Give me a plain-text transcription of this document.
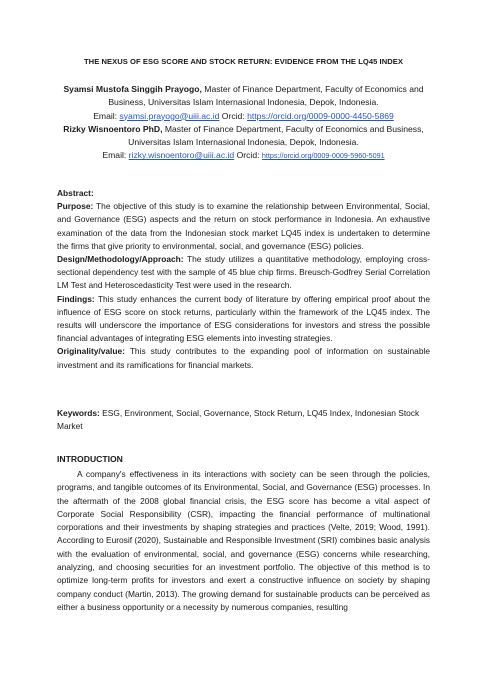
THE NEXUS OF ESG SCORE AND STOCK RETURN: EVIDENCE FROM THE LQ45 INDEX

Syamsi Mustofa Singgih Prayogo, Master of Finance Department, Faculty of Economics and Business, Universitas Islam Internasional Indonesia, Depok, Indonesia.

Email: syamsi.prayogo@uiii.ac.id Orcid: https://orcid.org/0009-0000-4450-5869

Rizky Wisnoentoro PhD, Master of Finance Department, Faculty of Economics and Business, Universitas Islam Internasional Indonesia, Depok, Indonesia.

Email: rizky.wisnoentoro@uiii.ac.id Orcid: https://orcid.org/0009-0009-5960-5091

Abstract:

Purpose: The objective of this study is to examine the relationship between Environmental, Social, and Governance (ESG) aspects and the return on stock performance in Indonesia. An exhaustive examination of the data from the Indonesian stock market LQ45 index is undertaken to determine the firms that give priority to environmental, social, and governance (ESG) policies.

Design/Methodology/Approach: The study utilizes a quantitative methodology, employing cross-sectional dependency test with the sample of 45 blue chip firms. Breusch-Godfrey Serial Correlation LM Test and Heteroscedasticity Test were used in the research.

Findings: This study enhances the current body of literature by offering empirical proof about the influence of ESG score on stock returns, particularly within the framework of the LQ45 index. The results will underscore the importance of ESG considerations for investors and stress the possible financial advantages of integrating ESG elements into investing strategies.

Originality/value: This study contributes to the expanding pool of information on sustainable investment and its ramifications for financial markets.

Keywords: ESG, Environment, Social, Governance, Stock Return, LQ45 Index, Indonesian Stock Market
INTRODUCTION

A company's effectiveness in its interactions with society can be seen through the policies, programs, and tangible outcomes of its Environmental, Social, and Governance (ESG) processes. In the aftermath of the 2008 global financial crisis, the ESG score has become a vital aspect of Corporate Social Responsibility (CSR), impacting the financial performance of multinational corporations and their investments by shaping strategies and practices (Velte, 2019; Wood, 1991). According to Eurosif (2020), Sustainable and Responsible Investment (SRI) combines basic analysis with the evaluation of environmental, social, and governance (ESG) concerns while researching, analyzing, and choosing securities for an investment portfolio. The objective of this method is to optimize long-term profits for investors and exert a constructive influence on society by shaping company conduct (Martin, 2013). The growing demand for sustainable products can be perceived as either a business opportunity or a necessity by numerous companies, resulting
